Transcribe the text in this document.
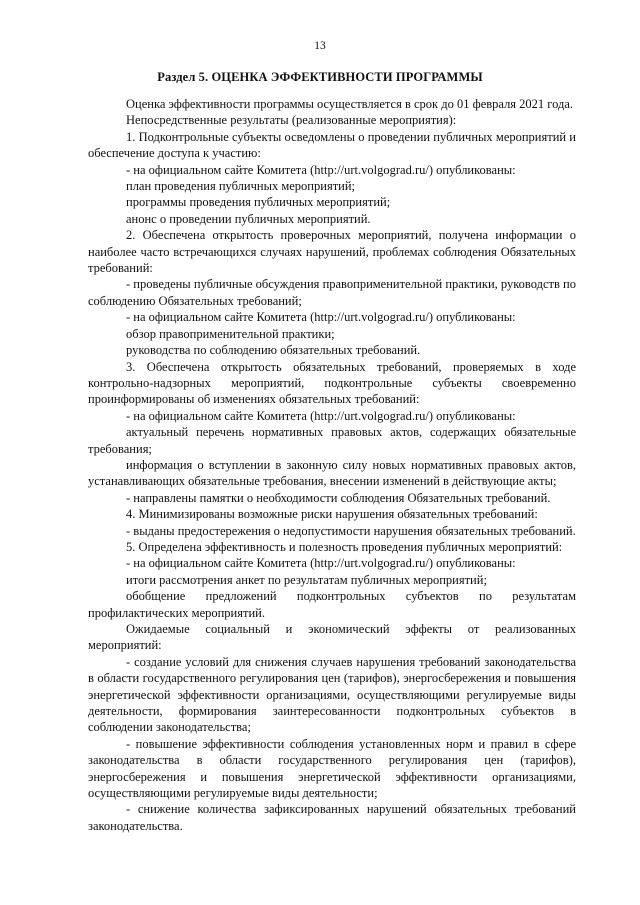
13
Раздел 5. ОЦЕНКА ЭФФЕКТИВНОСТИ ПРОГРАММЫ

Оценка эффективности программы осуществляется в срок до 01 февраля 2021 года.

Непосредственные результаты (реализованные мероприятия):

1. Подконтрольные субъекты осведомлены о проведении публичных мероприятий и обеспечение доступа к участию:

- на официальном сайте Комитета (http://urt.volgograd.ru/) опубликованы:

план проведения публичных мероприятий;

программы проведения публичных мероприятий;

анонс о проведении публичных мероприятий.

2. Обеспечена открытость проверочных мероприятий, получена информации о наиболее часто встречающихся случаях нарушений, проблемах соблюдения Обязательных требований:

- проведены публичные обсуждения правоприменительной практики, руководств по соблюдению Обязательных требований;

- на официальном сайте Комитета (http://urt.volgograd.ru/) опубликованы:

обзор правоприменительной практики;

руководства по соблюдению обязательных требований.

3. Обеспечена открытость обязательных требований, проверяемых в ходе контрольно-надзорных мероприятий, подконтрольные субъекты своевременно проинформированы об изменениях обязательных требований:

- на официальном сайте Комитета (http://urt.volgograd.ru/) опубликованы:

актуальный перечень нормативных правовых актов, содержащих обязательные требования;

информация о вступлении в законную силу новых нормативных правовых актов, устанавливающих обязательные требования, внесении изменений в действующие акты;

- направлены памятки о необходимости соблюдения Обязательных требований.

4. Минимизированы возможные риски нарушения обязательных требований:

- выданы предостережения о недопустимости нарушения обязательных требований.

5. Определена эффективность и полезность проведения публичных мероприятий:

- на официальном сайте Комитета (http://urt.volgograd.ru/) опубликованы:

итоги рассмотрения анкет по результатам публичных мероприятий;

обобщение предложений подконтрольных субъектов по результатам профилактических мероприятий.

Ожидаемые социальный и экономический эффекты от реализованных мероприятий:

- создание условий для снижения случаев нарушения требований законодательства в области государственного регулирования цен (тарифов), энергосбережения и повышения энергетической эффективности организациями, осуществляющими регулируемые виды деятельности, формирования заинтересованности подконтрольных субъектов в соблюдении законодательства;

- повышение эффективности соблюдения установленных норм и правил в сфере законодательства в области государственного регулирования цен (тарифов), энергосбережения и повышения энергетической эффективности организациями, осуществляющими регулируемые виды деятельности;

- снижение количества зафиксированных нарушений обязательных требований законодательства.
